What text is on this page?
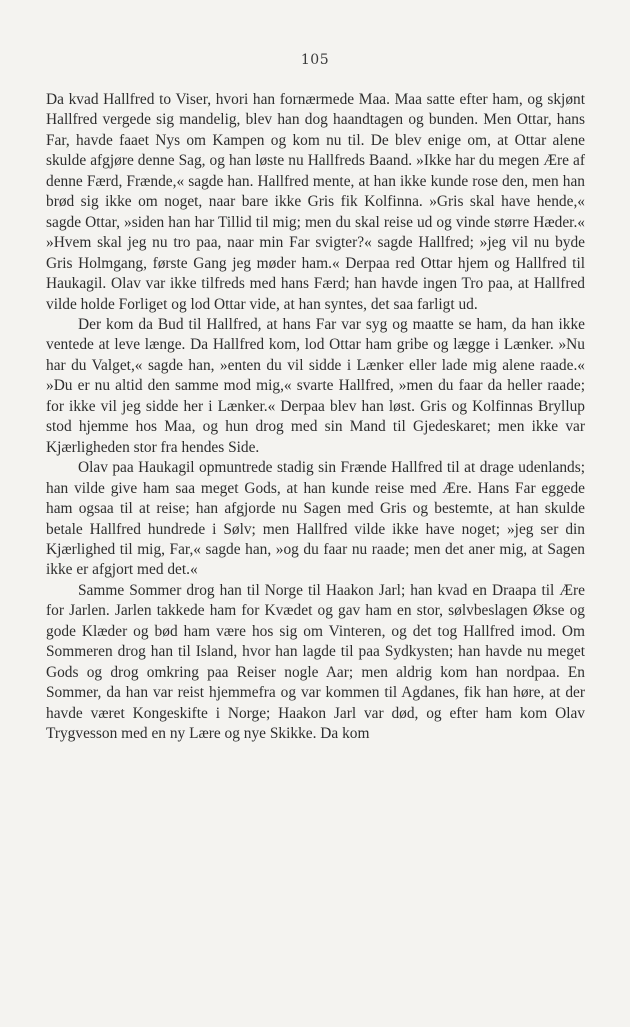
105

Da kvad Hallfred to Viser, hvori han fornærmede Maa. Maa satte efter ham, og skjønt Hallfred vergede sig mandelig, blev han dog haandtagen og bunden. Men Ottar, hans Far, havde faaet Nys om Kampen og kom nu til. De blev enige om, at Ottar alene skulde afgjøre denne Sag, og han løste nu Hallfreds Baand. »Ikke har du megen Ære af denne Færd, Frænde,« sagde han. Hallfred mente, at han ikke kunde rose den, men han brød sig ikke om noget, naar bare ikke Gris fik Kolfinna. »Gris skal have hende,« sagde Ottar, »siden han har Tillid til mig; men du skal reise ud og vinde større Hæder.« »Hvem skal jeg nu tro paa, naar min Far svigter?« sagde Hallfred; »jeg vil nu byde Gris Holmgang, første Gang jeg møder ham.« Derpaa red Ottar hjem og Hallfred til Haukagil. Olav var ikke tilfreds med hans Færd; han havde ingen Tro paa, at Hallfred vilde holde Forliget og lod Ottar vide, at han syntes, det saa farligt ud.

Der kom da Bud til Hallfred, at hans Far var syg og maatte se ham, da han ikke ventede at leve længe. Da Hallfred kom, lod Ottar ham gribe og lægge i Lænker. »Nu har du Valget,« sagde han, »enten du vil sidde i Lænker eller lade mig alene raade.« »Du er nu altid den samme mod mig,« svarte Hallfred, »men du faar da heller raade; for ikke vil jeg sidde her i Lænker.« Derpaa blev han løst. Gris og Kolfinnas Bryllup stod hjemme hos Maa, og hun drog med sin Mand til Gjedeskaret; men ikke var Kjærligheden stor fra hendes Side.

Olav paa Haukagil opmuntrede stadig sin Frænde Hallfred til at drage udenlands; han vilde give ham saa meget Gods, at han kunde reise med Ære. Hans Far eggede ham ogsaa til at reise; han afgjorde nu Sagen med Gris og bestemte, at han skulde betale Hallfred hundrede i Sølv; men Hallfred vilde ikke have noget; »jeg ser din Kjærlighed til mig, Far,« sagde han, »og du faar nu raade; men det aner mig, at Sagen ikke er afgjort med det.«

Samme Sommer drog han til Norge til Haakon Jarl; han kvad en Draapa til Ære for Jarlen. Jarlen takkede ham for Kvædet og gav ham en stor, sølvbeslagen Økse og gode Klæder og bød ham være hos sig om Vinteren, og det tog Hallfred imod. Om Sommeren drog han til Island, hvor han lagde til paa Sydkysten; han havde nu meget Gods og drog omkring paa Reiser nogle Aar; men aldrig kom han nordpaa. En Sommer, da han var reist hjemmefra og var kommen til Agdanes, fik han høre, at der havde været Kongeskifte i Norge; Haakon Jarl var død, og efter ham kom Olav Trygvesson med en ny Lære og nye Skikke. Da kom
